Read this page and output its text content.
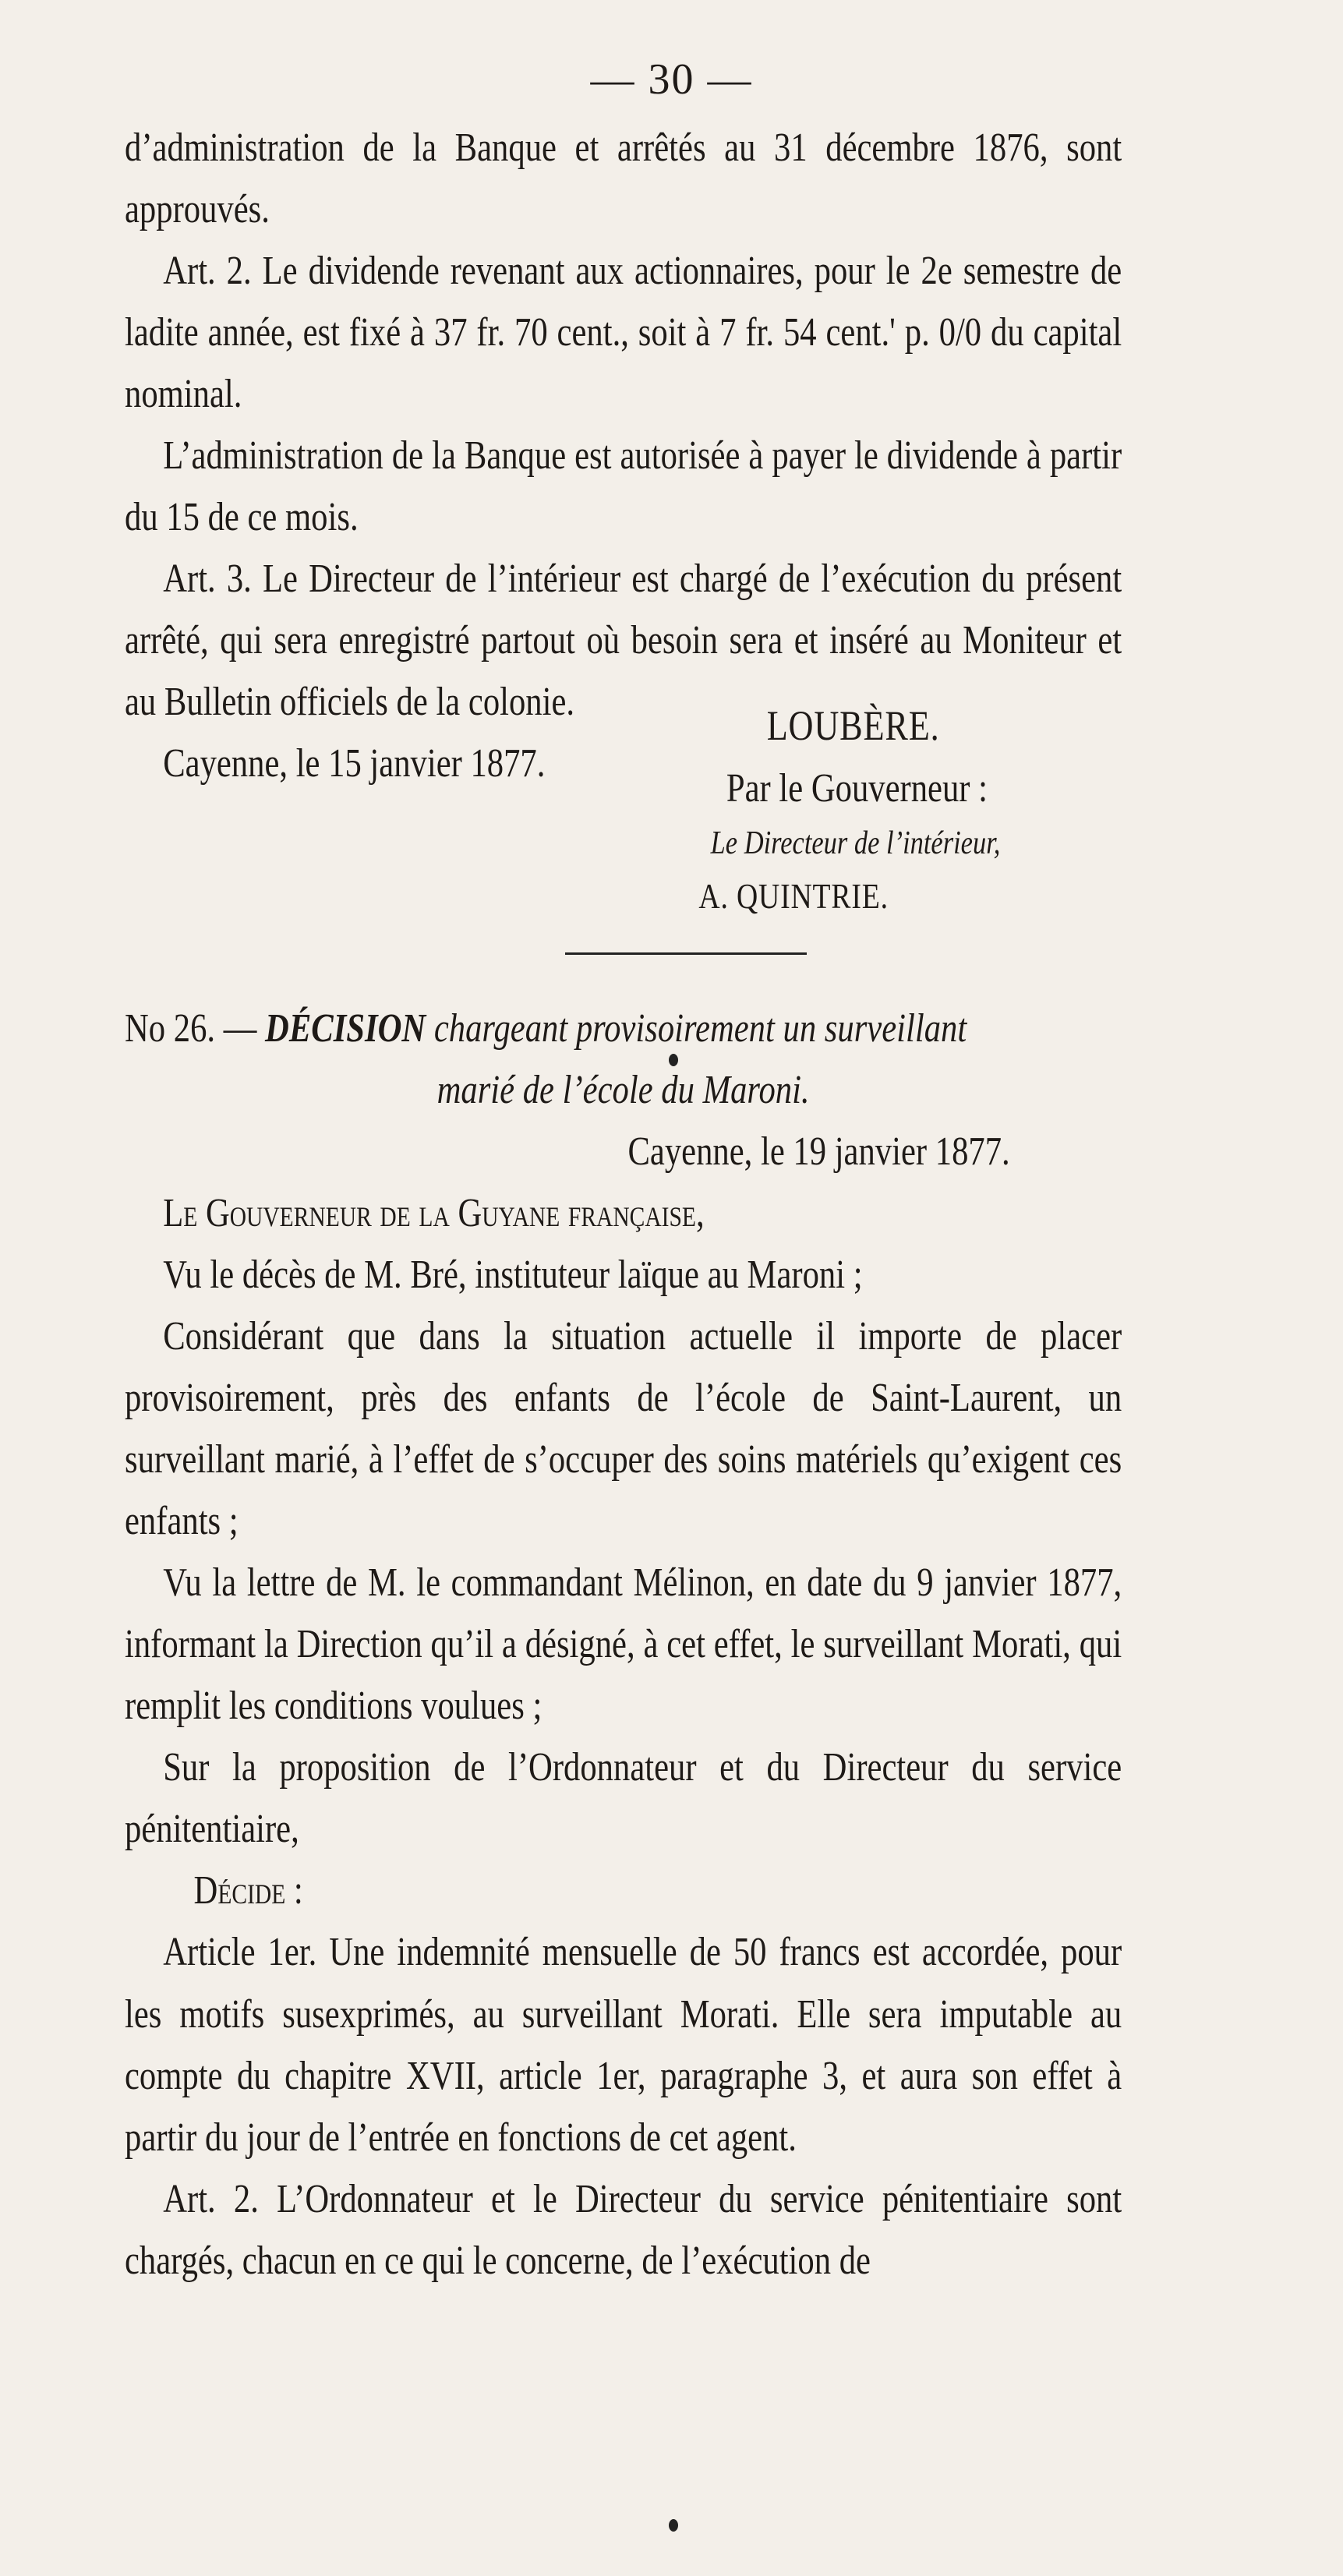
— 30 —

d’administration de la Banque et arrêtés au 31 décembre 1876, sont approuvés.

Art. 2. Le dividende revenant aux actionnaires, pour le 2e semestre de ladite année, est fixé à 37 fr. 70 cent., soit à 7 fr. 54 cent.' p. 0/0 du capital nominal.

L’administration de la Banque est autorisée à payer le dividende à partir du 15 de ce mois.

Art. 3. Le Directeur de l’intérieur est chargé de l’exécution du présent arrêté, qui sera enregistré partout où besoin sera et inséré au Moniteur et au Bulletin officiels de la colonie.

Cayenne, le 15 janvier 1877.

LOUBÈRE.

Par le Gouverneur :

Le Directeur de l’intérieur,

A. QUINTRIE.

No 26. — DÉCISION chargeant provisoirement un surveillant

marié de l’école du Maroni.

Cayenne, le 19 janvier 1877.

Le Gouverneur de la Guyane française,

Vu le décès de M. Bré, instituteur laïque au Maroni ;

Considérant que dans la situation actuelle il importe de placer provisoirement, près des enfants de l’école de Saint-Laurent, un surveillant marié, à l’effet de s’occuper des soins matériels qu’exigent ces enfants ;

Vu la lettre de M. le commandant Mélinon, en date du 9 janvier 1877, informant la Direction qu’il a désigné, à cet effet, le surveillant Morati, qui remplit les conditions voulues ;

Sur la proposition de l’Ordonnateur et du Directeur du service pénitentiaire,

Décide :

Article 1er. Une indemnité mensuelle de 50 francs est accordée, pour les motifs susexprimés, au surveillant Morati. Elle sera imputable au compte du chapitre XVII, article 1er, paragraphe 3, et aura son effet à partir du jour de l’entrée en fonctions de cet agent.

Art. 2. L’Ordonnateur et le Directeur du service pénitentiaire sont chargés, chacun en ce qui le concerne, de l’exécution de
